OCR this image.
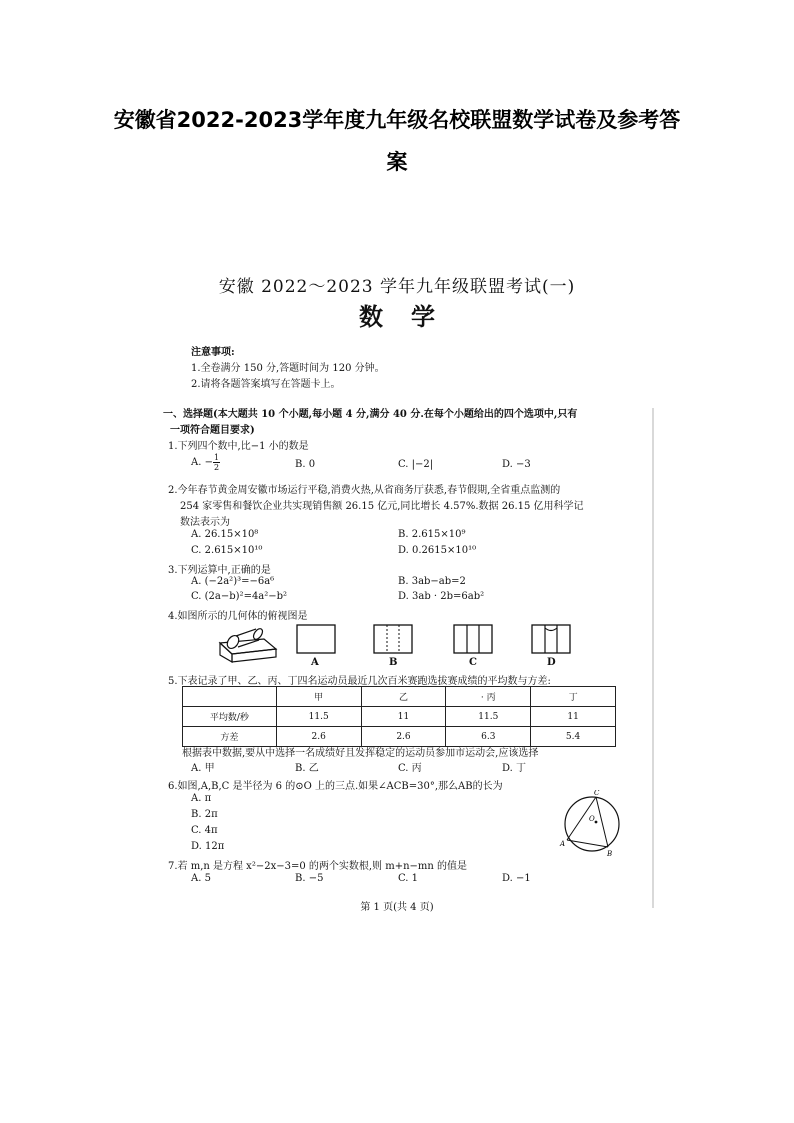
安徽省2022-2023学年度九年级名校联盟数学试卷及参考答
案
安徽 2022～2023 学年九年级联盟考试(一)
数学
注意事项:
1.全卷满分 150 分,答题时间为 120 分钟。
2.请将各题答案填写在答题卡上。
一、选择题(本大题共 10 个小题,每小题 4 分,满分 40 分.在每个小题给出的四个选项中,只有
一项符合题目要求)
1.下列四个数中,比−1 小的数是
A. − $\frac{1}{2}$	B. 0	C. |−2|	D. −3
2.今年春节黄金周安徽市场运行平稳,消费火热,从省商务厅获悉,春节假期,全省重点监测的
254 家零售和餐饮企业共实现销售额 26.15 亿元,同比增长 4.57%.数据 26.15 亿用科学记
数法表示为
A. 26.15×10⁸	B. 2.615×10⁹
C. 2.615×10¹⁰	D. 0.2615×10¹⁰
3.下列运算中,正确的是
A. (−2a²)³=−6a⁶	B. 3ab−ab=2
C. (2a−b)²=4a²−b²	D. 3ab · 2b=6ab²
4.如图所示的几何体的俯视图是
A	B	C	D
5.下表记录了甲、乙、丙、丁四名运动员最近几次百米赛跑选拔赛成绩的平均数与方差:
	甲	乙	· 丙	丁
平均数/秒	11.5	11	11.5	11
方差	2.6	2.6	6.3	5.4
根据表中数据,要从中选择一名成绩好且发挥稳定的运动员参加市运动会,应该选择
A. 甲	B. 乙	C. 丙	D. 丁
6.如图,A,B,C 是半径为 6 的⊙O 上的三点.如果∠ACB=30°,那么AB的长为
A. π
B. 2π
C. 4π
D. 12π
C
O
A
B
7.若 m,n 是方程 x²−2x−3=0 的两个实数根,则 m+n−mn 的值是
A. 5	B. −5	C. 1	D. −1
第 1 页(共 4 页)
